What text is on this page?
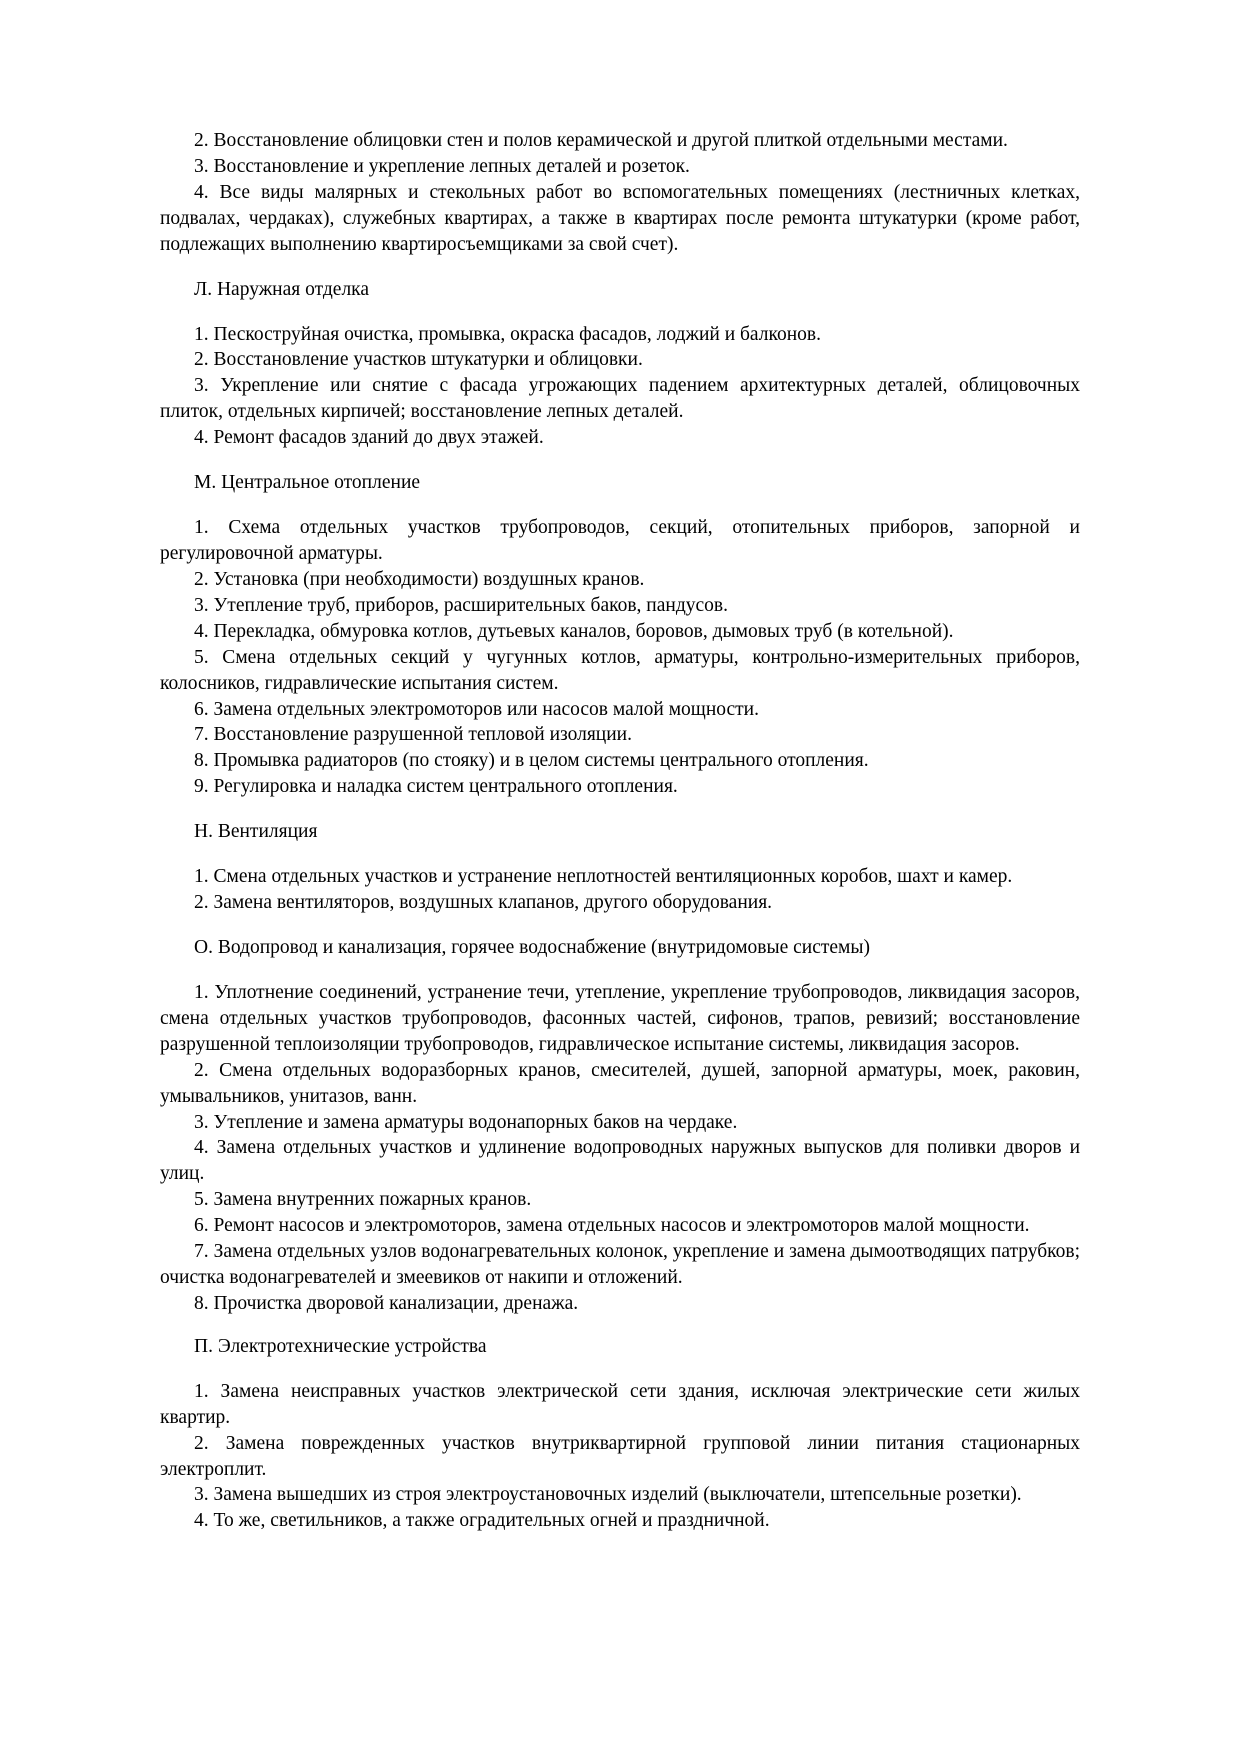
2. Восстановление облицовки стен и полов керамической и другой плиткой отдельными местами.

3. Восстановление и укрепление лепных деталей и розеток.

4. Все виды малярных и стекольных работ во вспомогательных помещениях (лестничных клетках, подвалах, чердаках), служебных квартирах, а также в квартирах после ремонта штукатурки (кроме работ, подлежащих выполнению квартиросъемщиками за свой счет).

Л. Наружная отделка

1. Пескоструйная очистка, промывка, окраска фасадов, лоджий и балконов.

2. Восстановление участков штукатурки и облицовки.

3. Укрепление или снятие с фасада угрожающих падением архитектурных деталей, облицовочных плиток, отдельных кирпичей; восстановление лепных деталей.

4. Ремонт фасадов зданий до двух этажей.

М. Центральное отопление

1. Схема отдельных участков трубопроводов, секций, отопительных приборов, запорной и регулировочной арматуры.

2. Установка (при необходимости) воздушных кранов.

3. Утепление труб, приборов, расширительных баков, пандусов.

4. Перекладка, обмуровка котлов, дутьевых каналов, боровов, дымовых труб (в котельной).

5. Смена отдельных секций у чугунных котлов, арматуры, контрольно-измерительных приборов, колосников, гидравлические испытания систем.

6. Замена отдельных электромоторов или насосов малой мощности.

7. Восстановление разрушенной тепловой изоляции.

8. Промывка радиаторов (по стояку) и в целом системы центрального отопления.

9. Регулировка и наладка систем центрального отопления.

Н. Вентиляция

1. Смена отдельных участков и устранение неплотностей вентиляционных коробов, шахт и камер.

2. Замена вентиляторов, воздушных клапанов, другого оборудования.

О. Водопровод и канализация, горячее водоснабжение (внутридомовые системы)

1. Уплотнение соединений, устранение течи, утепление, укрепление трубопроводов, ликвидация засоров, смена отдельных участков трубопроводов, фасонных частей, сифонов, трапов, ревизий; восстановление разрушенной теплоизоляции трубопроводов, гидравлическое испытание системы, ликвидация засоров.

2. Смена отдельных водоразборных кранов, смесителей, душей, запорной арматуры, моек, раковин, умывальников, унитазов, ванн.

3. Утепление и замена арматуры водонапорных баков на чердаке.

4. Замена отдельных участков и удлинение водопроводных наружных выпусков для поливки дворов и улиц.

5. Замена внутренних пожарных кранов.

6. Ремонт насосов и электромоторов, замена отдельных насосов и электромоторов малой мощности.

7. Замена отдельных узлов водонагревательных колонок, укрепление и замена дымоотводящих патрубков; очистка водонагревателей и змеевиков от накипи и отложений.

8. Прочистка дворовой канализации, дренажа.

П. Электротехнические устройства

1. Замена неисправных участков электрической сети здания, исключая электрические сети жилых квартир.

2. Замена поврежденных участков внутриквартирной групповой линии питания стационарных электроплит.

3. Замена вышедших из строя электроустановочных изделий (выключатели, штепсельные розетки).

4. То же, светильников, а также оградительных огней и праздничной.
